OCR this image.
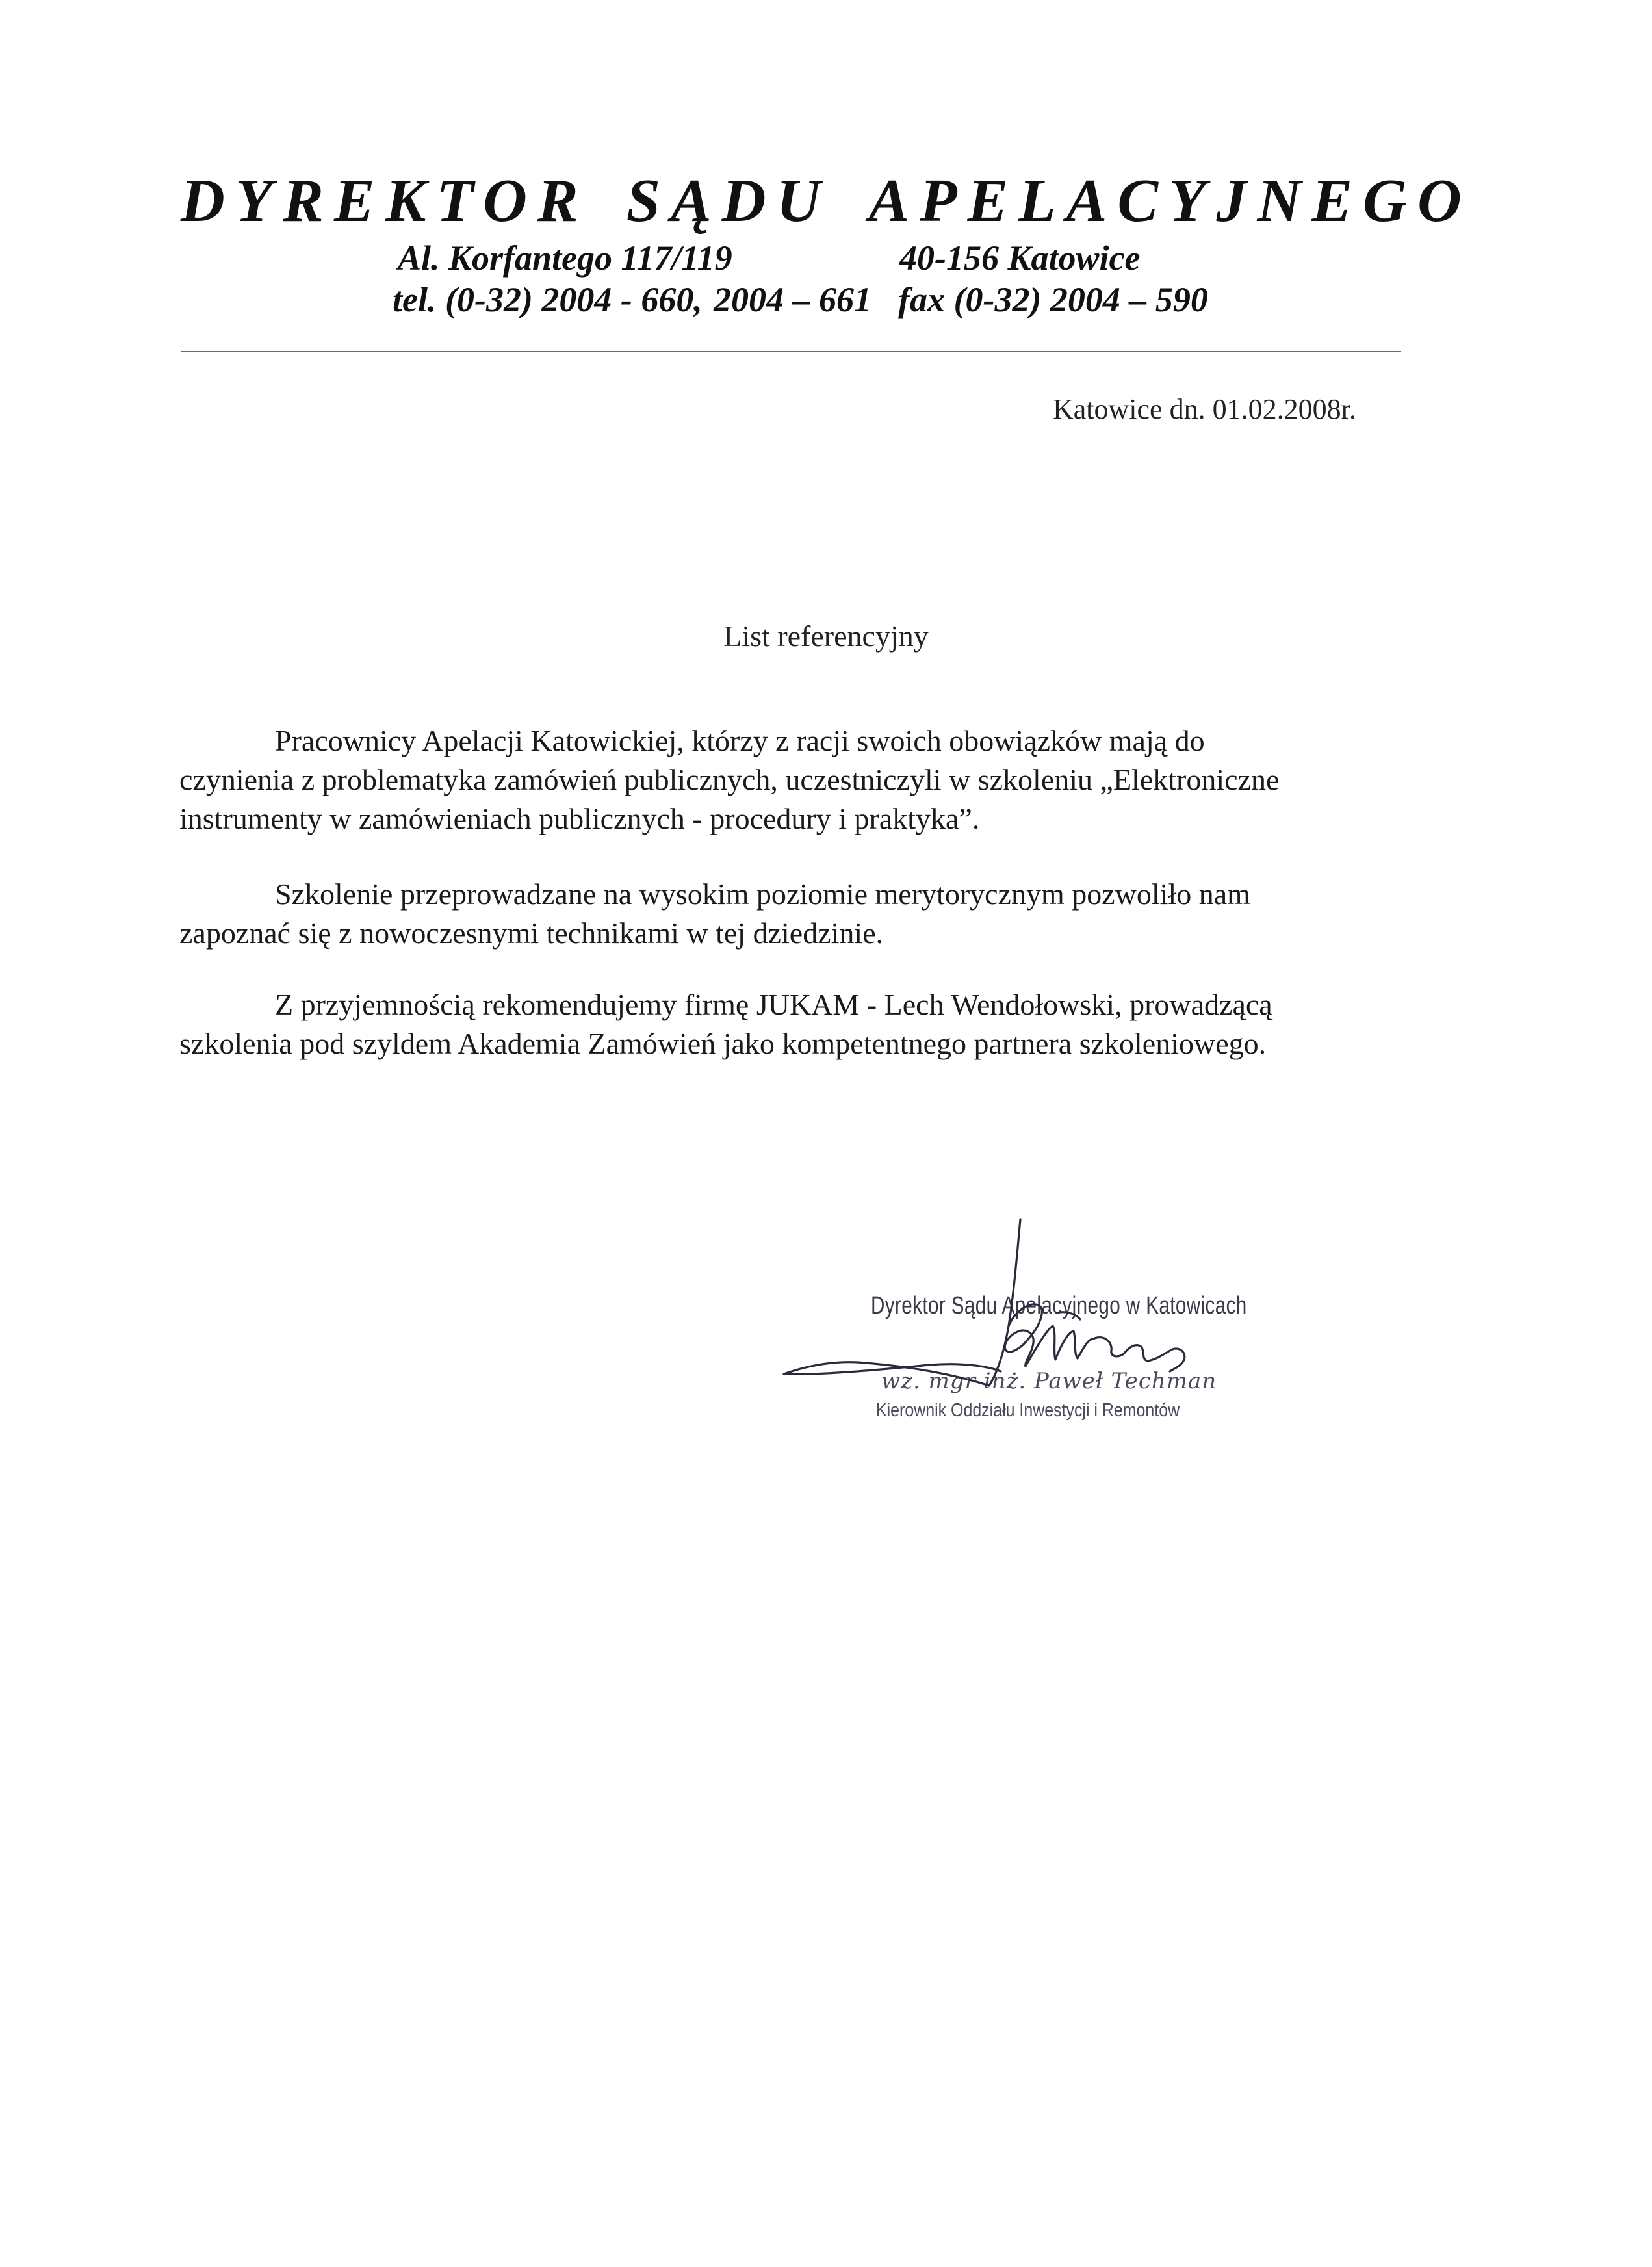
DYREKTOR SĄDU APELACYJNEGO
Al. Korfantego 117/119	40-156 Katowice
tel. (0-32) 2004 - 660, 2004 – 661 fax (0-32) 2004 – 590
Katowice dn. 01.02.2008r.
List referencyjny
Pracownicy Apelacji Katowickiej, którzy z racji swoich obowiązków mają do
czynienia z problematyka zamówień publicznych, uczestniczyli w szkoleniu „Elektroniczne
instrumenty w zamówieniach publicznych - procedury i praktyka”.
Szkolenie przeprowadzane na wysokim poziomie merytorycznym pozwoliło nam
zapoznać się z nowoczesnymi technikami w tej dziedzinie.
Z przyjemnością rekomendujemy firmę JUKAM - Lech Wendołowski, prowadzącą
szkolenia pod szyldem Akademia Zamówień jako kompetentnego partnera szkoleniowego.
Dyrektor Sądu Apelacyjnego w Katowicach
wz. mgr inż. Paweł Techman
Kierownik Oddziału Inwestycji i Remontów
